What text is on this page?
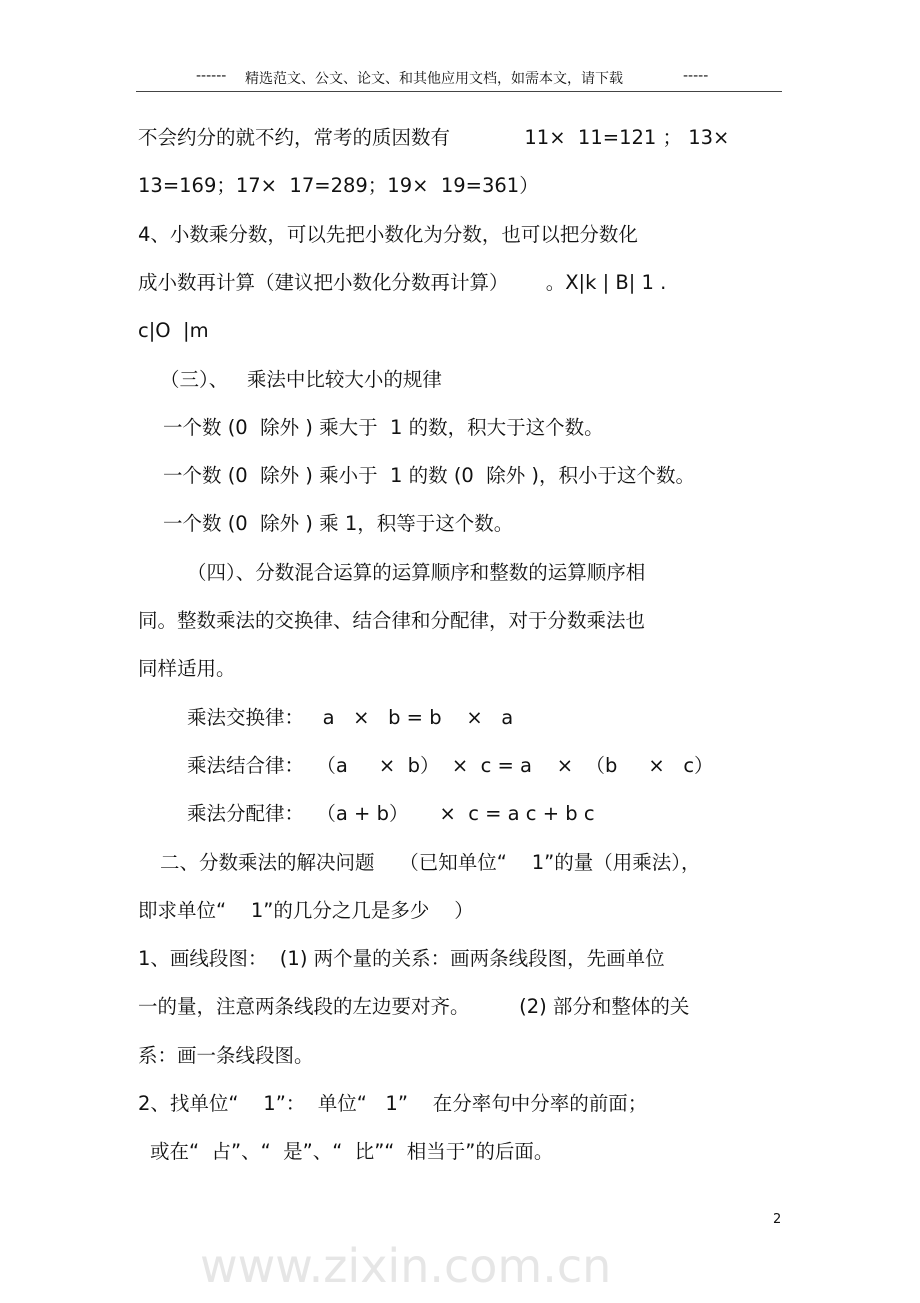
------ 精选范文、公文、论文、和其他应用文档，如需本文，请下载	-----
不会约分的就不约，常考的质因数有            11×  11=121 ； 13×
13=169；17×  17=289；19×  19=361）
4、小数乘分数，可以先把小数化为分数，也可以把分数化
成小数再计算（建议把小数化分数再计算）      。X|k | B| 1 .
c|O  |m
（三）、   乘法中比较大小的规律
一个数 (0  除外 ) 乘大于  1 的数，积大于这个数。
一个数 (0  除外 ) 乘小于  1 的数 (0  除外 )，积小于这个数。
一个数 (0  除外 ) 乘 1，积等于这个数。
（四）、分数混合运算的运算顺序和整数的运算顺序相
同。整数乘法的交换律、结合律和分配律，对于分数乘法也
同样适用。
乘法交换律：   a   ×   b = b    ×   a
乘法结合律：  （a     ×  b）  ×  c = a    ×  （b     ×   c）
乘法分配律：  （a + b）     ×  c = a c + b c
二、分数乘法的解决问题    （已知单位“    1”的量（用乘法），
即求单位“    1”的几分之几是多少    ）
1、画线段图：  (1) 两个量的关系：画两条线段图，先画单位
一的量，注意两条线段的左边要对齐。        (2) 部分和整体的关
系：画一条线段图。
2、找单位“    1”：  单位“   1”    在分率句中分率的前面；
或在“  占”、“  是”、“  比”“  相当于”的后面。
2
www.zixin.com.cn
